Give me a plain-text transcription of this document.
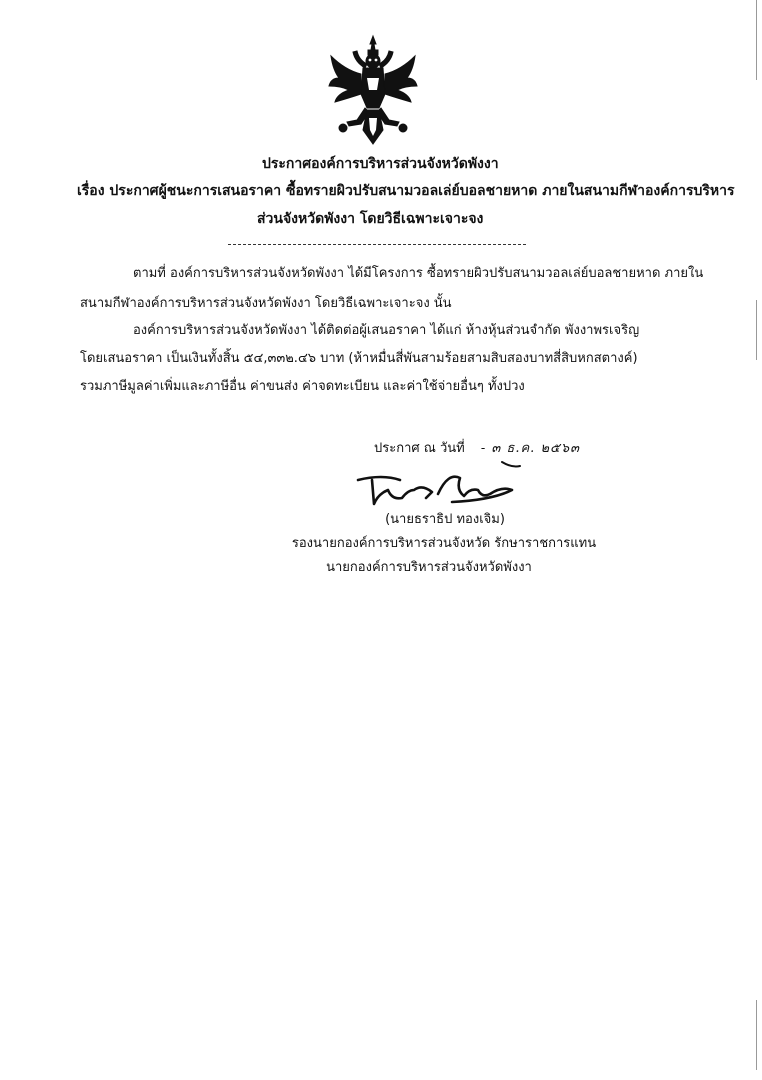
ประกาศองค์การบริหารส่วนจังหวัดพังงา
เรื่อง ประกาศผู้ชนะการเสนอราคา ซื้อทรายผิวปรับสนามวอลเล่ย์บอลชายหาด ภายในสนามกีฬาองค์การบริหาร
ส่วนจังหวัดพังงา โดยวิธีเฉพาะเจาะจง
ตามที่ องค์การบริหารส่วนจังหวัดพังงา ได้มีโครงการ ซื้อทรายผิวปรับสนามวอลเล่ย์บอลชายหาด ภายใน
สนามกีฬาองค์การบริหารส่วนจังหวัดพังงา โดยวิธีเฉพาะเจาะจง นั้น
องค์การบริหารส่วนจังหวัดพังงา ได้ติดต่อผู้เสนอราคา ได้แก่ ห้างหุ้นส่วนจำกัด พังงาพรเจริญ
โดยเสนอราคา เป็นเงินทั้งสิ้น ๕๔,๓๓๒.๔๖ บาท (ห้าหมื่นสี่พันสามร้อยสามสิบสองบาทสี่สิบหกสตางค์)
รวมภาษีมูลค่าเพิ่มและภาษีอื่น ค่าขนส่ง ค่าจดทะเบียน และค่าใช้จ่ายอื่นๆ ทั้งปวง
ประกาศ ณ วันที่ - ๓ ธ.ค. ๒๕๖๓
(นายธราธิป ทองเจิม)
รองนายกองค์การบริหารส่วนจังหวัด รักษาราชการแทน
นายกองค์การบริหารส่วนจังหวัดพังงา
